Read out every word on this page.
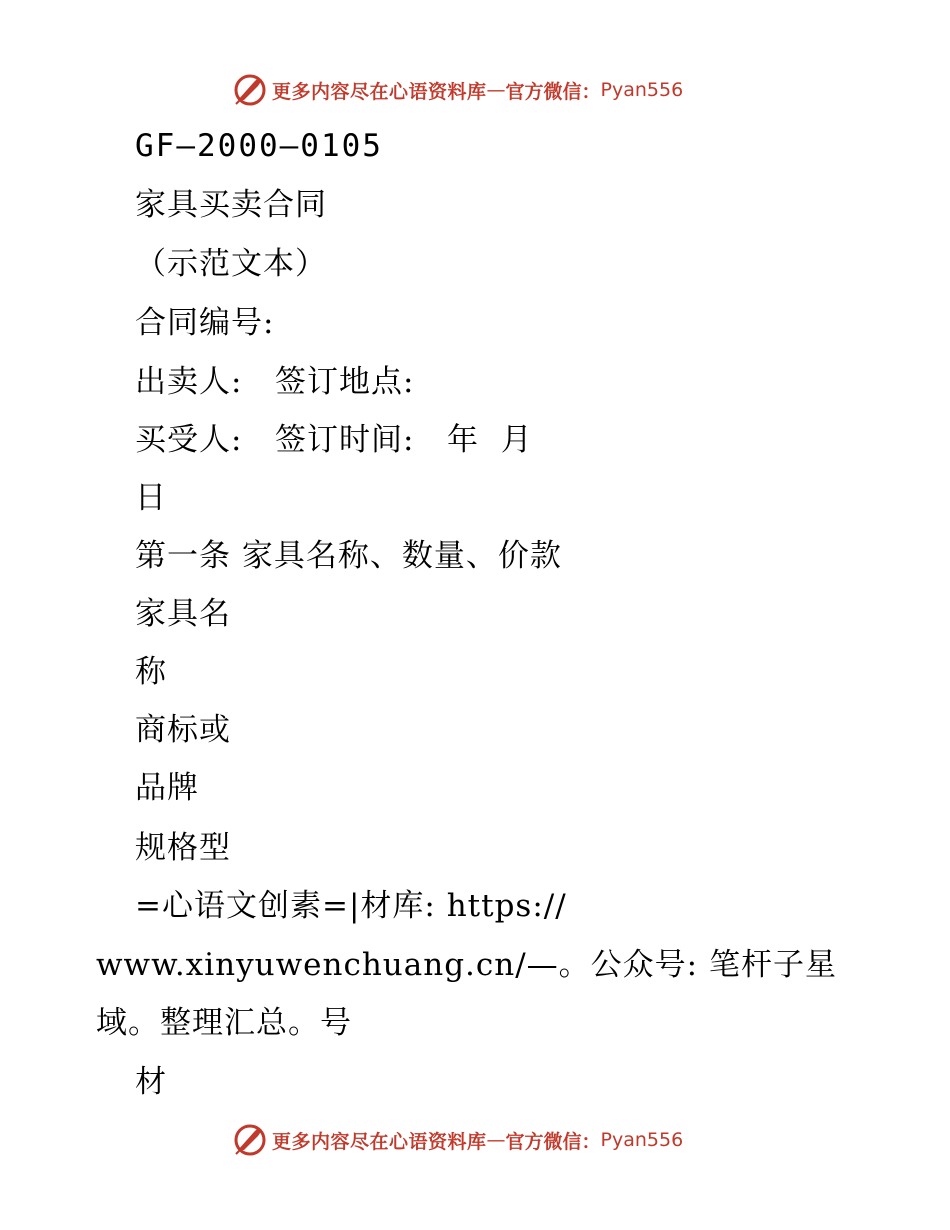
更多内容尽在心语资料库 — 官方微信： Pyan556
GF—2000—0105
家具买卖合同
（示范文本）
合同编号:
出卖人:   签订地点:
买受人:   签订时间:   年  月
日
第一条 家具名称、数量、价款
家具名
称
商标或
品牌
规格型
=心语文创素=|材库: https://
www.xinyuwenchuang.cn/—。公众号: 笔杆子星
域。整理汇总。号
材
更多内容尽在心语资料库 — 官方微信： Pyan556
